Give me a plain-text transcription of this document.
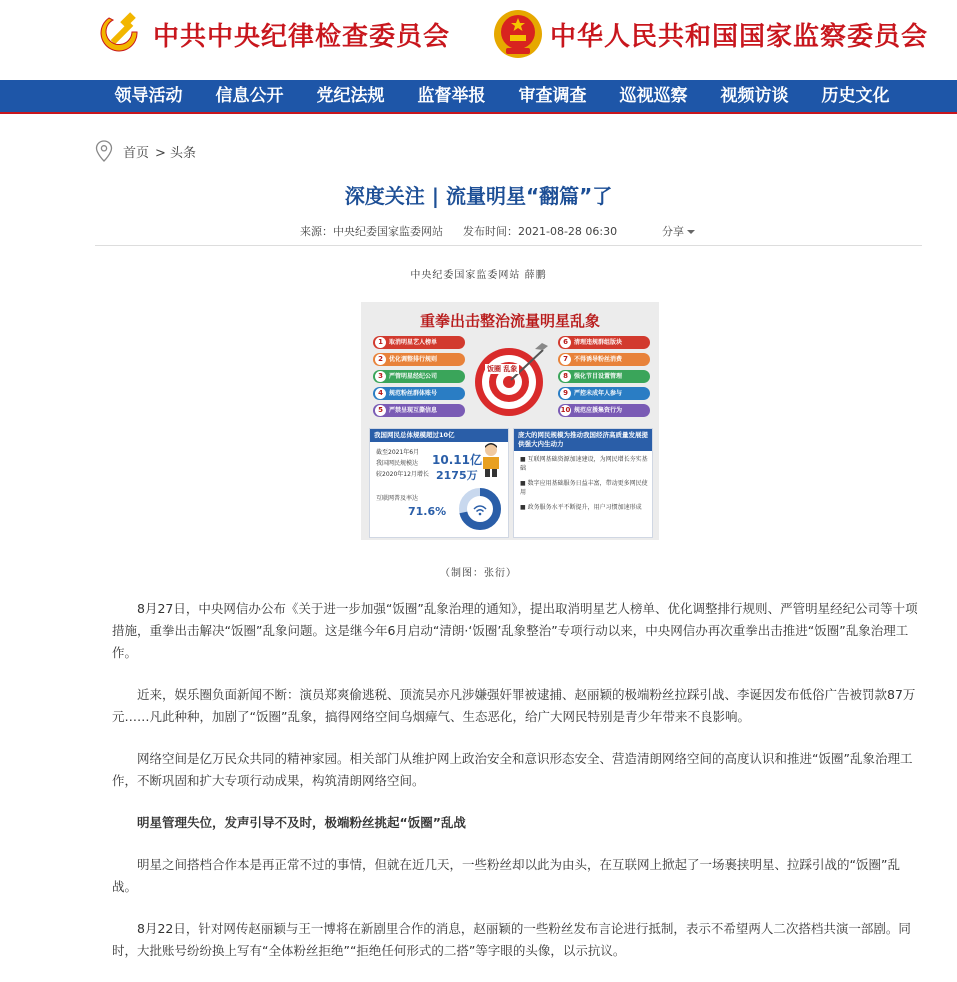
中共中央纪律检查委员会	中华人民共和国国家监察委员会
领导活动	信息公开	党纪法规	监督举报	审查调查	巡视巡察	视频访谈	历史文化
首页 > 头条
深度关注 | 流量明星“翻篇”了
来源：中央纪委国家监委网站 发布时间：2021-08-28 06:30	分享
中央纪委国家监委网站 薛鹏
重拳出击整治流量明星乱象
1	取消明星艺人榜单
2	优化调整排行规则
3	严管明星经纪公司
4	规范粉丝群体账号
5	严禁呈现互撕信息
6	清理违规群组版块
7	不得诱导粉丝消费
8	强化节目设置管理
9	严控未成年人参与
10 规范应援集资行为
饭圈 乱象
我国网民总体规模超过10亿
截至2021年6月
我国网民规模达 10.11亿
较2020年12月增长 2175万
互联网普及率达
71.6%
庞大的网民规模为推动我国经济高质量发展提供强大内生动力
■ 互联网基础资源加速建设，为网民增长夯实基础
■ 数字应用基础服务日益丰富，带动更多网民使用
■ 政务服务水平不断提升，用户习惯加速形成
（制图：张衍）

8月27日，中央网信办公布《关于进一步加强“饭圈”乱象治理的通知》，提出取消明星艺人榜单、优化调整排行规则、严管明星经纪公司等十项措施，重拳出击解决“饭圈”乱象问题。这是继今年6月启动“清朗·‘饭圈’乱象整治”专项行动以来，中央网信办再次重拳出击推进“饭圈”乱象治理工作。

近来，娱乐圈负面新闻不断：演员郑爽偷逃税、顶流吴亦凡涉嫌强奸罪被逮捕、赵丽颖的极端粉丝拉踩引战、李诞因发布低俗广告被罚款87万元……凡此种种，加剧了“饭圈”乱象，搞得网络空间乌烟瘴气、生态恶化，给广大网民特别是青少年带来不良影响。

网络空间是亿万民众共同的精神家园。相关部门从维护网上政治安全和意识形态安全、营造清朗网络空间的高度认识和推进“饭圈”乱象治理工作，不断巩固和扩大专项行动成果，构筑清朗网络空间。

明星管理失位，发声引导不及时，极端粉丝挑起“饭圈”乱战

明星之间搭档合作本是再正常不过的事情，但就在近几天，一些粉丝却以此为由头，在互联网上掀起了一场裹挟明星、拉踩引战的“饭圈”乱战。

8月22日，针对网传赵丽颖与王一博将在新剧里合作的消息，赵丽颖的一些粉丝发布言论进行抵制，表示不希望两人二次搭档共演一部剧。同时，大批账号纷纷换上写有“全体粉丝拒绝”“拒绝任何形式的二搭”等字眼的头像，以示抗议。
